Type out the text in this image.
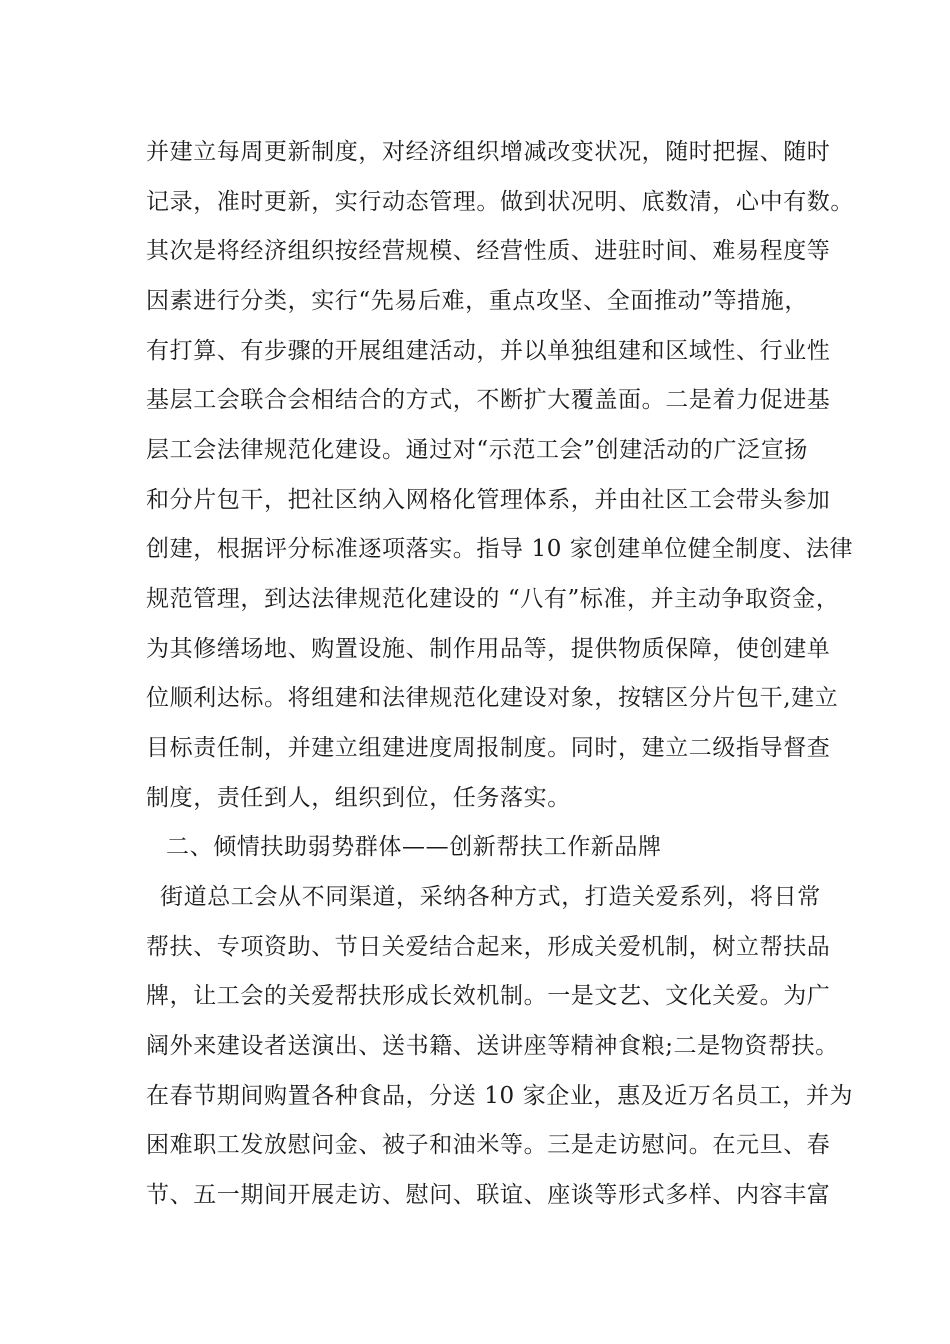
并建立每周更新制度，对经济组织增减改变状况，随时把握、随时
记录，准时更新，实行动态管理。做到状况明、底数清，心中有数。
其次是将经济组织按经营规模、经营性质、进驻时间、难易程度等
因素进行分类，实行“先易后难，重点攻坚、全面推动”等措施，
有打算、有步骤的开展组建活动，并以单独组建和区域性、行业性
基层工会联合会相结合的方式，不断扩大覆盖面。二是着力促进基
层工会法律规范化建设。通过对“示范工会”创建活动的广泛宣扬
和分片包干，把社区纳入网格化管理体系，并由社区工会带头参加
创建，根据评分标准逐项落实。指导 10 家创建单位健全制度、法律
规范管理，到达法律规范化建设的 “八有”标准，并主动争取资金，
为其修缮场地、购置设施、制作用品等，提供物质保障，使创建单
位顺利达标。将组建和法律规范化建设对象，按辖区分片包干,建立
目标责任制，并建立组建进度周报制度。同时，建立二级指导督查
制度，责任到人，组织到位，任务落实。
二、倾情扶助弱势群体——创新帮扶工作新品牌
街道总工会从不同渠道，采纳各种方式，打造关爱系列，将日常
帮扶、专项资助、节日关爱结合起来，形成关爱机制，树立帮扶品
牌，让工会的关爱帮扶形成长效机制。一是文艺、文化关爱。为广
阔外来建设者送演出、送书籍、送讲座等精神食粮;二是物资帮扶。
在春节期间购置各种食品，分送 10 家企业，惠及近万名员工，并为
困难职工发放慰问金、被子和油米等。三是走访慰问。在元旦、春
节、五一期间开展走访、慰问、联谊、座谈等形式多样、内容丰富
